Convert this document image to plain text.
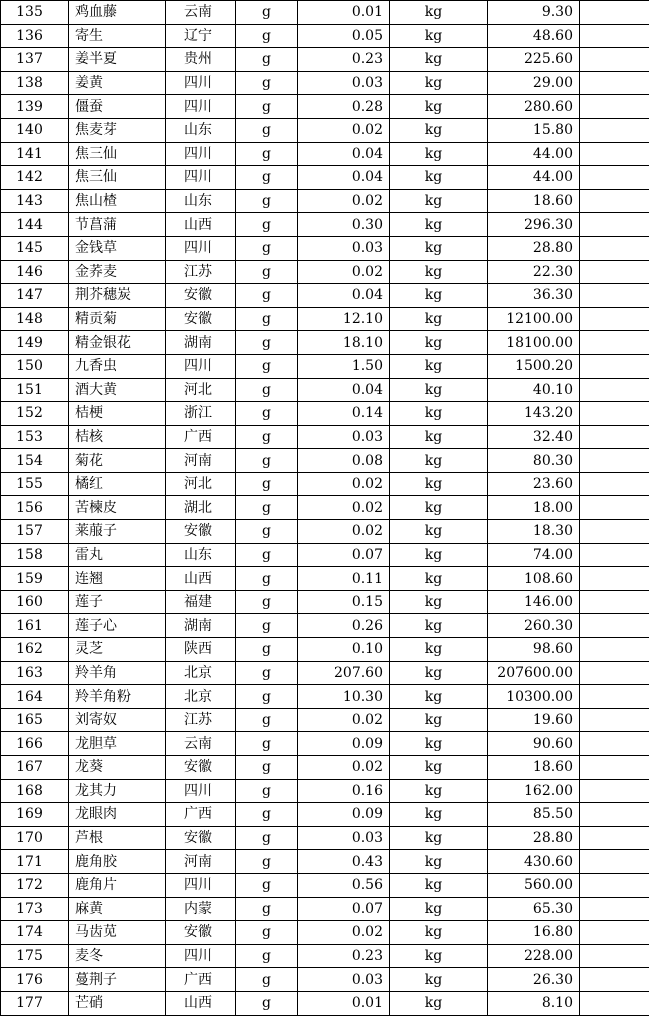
135	鸡血藤	云南	g	0.01	kg	9.30	
136	寄生	辽宁	g	0.05	kg	48.60	
137	姜半夏	贵州	g	0.23	kg	225.60	
138	姜黄	四川	g	0.03	kg	29.00	
139	僵蚕	四川	g	0.28	kg	280.60	
140	焦麦芽	山东	g	0.02	kg	15.80	
141	焦三仙	四川	g	0.04	kg	44.00	
142	焦三仙	四川	g	0.04	kg	44.00	
143	焦山楂	山东	g	0.02	kg	18.60	
144	节菖蒲	山西	g	0.30	kg	296.30	
145	金钱草	四川	g	0.03	kg	28.80	
146	金荞麦	江苏	g	0.02	kg	22.30	
147	荆芥穗炭	安徽	g	0.04	kg	36.30	
148	精贡菊	安徽	g	12.10	kg	12100.00	
149	精金银花	湖南	g	18.10	kg	18100.00	
150	九香虫	四川	g	1.50	kg	1500.20	
151	酒大黄	河北	g	0.04	kg	40.10	
152	桔梗	浙江	g	0.14	kg	143.20	
153	桔核	广西	g	0.03	kg	32.40	
154	菊花	河南	g	0.08	kg	80.30	
155	橘红	河北	g	0.02	kg	23.60	
156	苦楝皮	湖北	g	0.02	kg	18.00	
157	莱菔子	安徽	g	0.02	kg	18.30	
158	雷丸	山东	g	0.07	kg	74.00	
159	连翘	山西	g	0.11	kg	108.60	
160	莲子	福建	g	0.15	kg	146.00	
161	莲子心	湖南	g	0.26	kg	260.30	
162	灵芝	陕西	g	0.10	kg	98.60	
163	羚羊角	北京	g	207.60	kg	207600.00	
164	羚羊角粉	北京	g	10.30	kg	10300.00	
165	刘寄奴	江苏	g	0.02	kg	19.60	
166	龙胆草	云南	g	0.09	kg	90.60	
167	龙葵	安徽	g	0.02	kg	18.60	
168	龙其力	四川	g	0.16	kg	162.00	
169	龙眼肉	广西	g	0.09	kg	85.50	
170	芦根	安徽	g	0.03	kg	28.80	
171	鹿角胶	河南	g	0.43	kg	430.60	
172	鹿角片	四川	g	0.56	kg	560.00	
173	麻黄	内蒙	g	0.07	kg	65.30	
174	马齿苋	安徽	g	0.02	kg	16.80	
175	麦冬	四川	g	0.23	kg	228.00	
176	蔓荆子	广西	g	0.03	kg	26.30	
177	芒硝	山西	g	0.01	kg	8.10	
